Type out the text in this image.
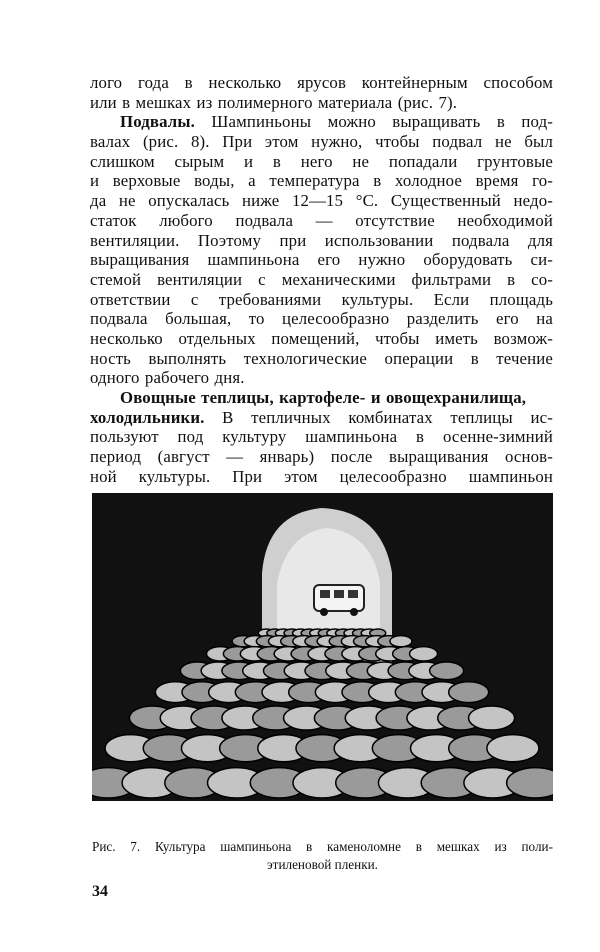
лого года в несколько ярусов контейнерным способом
или в мешках из полимерного материала (рис. 7).
Подвалы. Шампиньоны можно выращивать в под-
валах (рис. 8). При этом нужно, чтобы подвал не был
слишком сырым и в него не попадали грунтовые
и верховые воды, а температура в холодное время го-
да не опускалась ниже 12—15 °С. Существенный недо-
статок любого подвала — отсутствие необходимой
вентиляции. Поэтому при использовании подвала для
выращивания шампиньона его нужно оборудовать си-
стемой вентиляции с механическими фильтрами в со-
ответствии с требованиями культуры. Если площадь
подвала большая, то целесообразно разделить его на
несколько отдельных помещений, чтобы иметь возмож-
ность выполнять технологические операции в течение
одного рабочего дня.
Овощные теплицы, картофеле- и овощехранилища,
холодильники. В тепличных комбинатах теплицы ис-
пользуют под культуру шампиньона в осенне-зимний
период (август — январь) после выращивания основ-
ной культуры. При этом целесообразно шампиньон
Рис. 7. Культура шампиньона в каменоломне в мешках из поли-
этиленовой пленки.
34
